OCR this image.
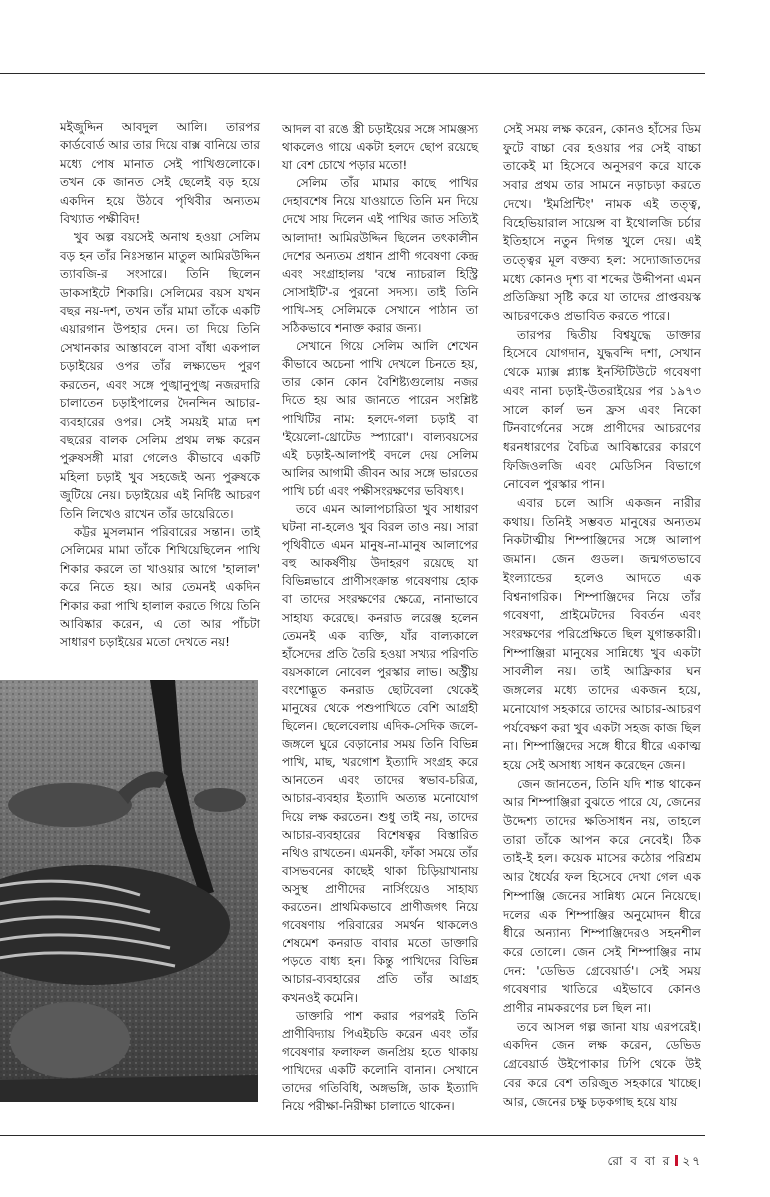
মইজুদ্দিন আবদুল আলি। তারপর কার্ডবোর্ড আর তার দিয়ে বাক্স বানিয়ে তার মধ্যে পোষ মানাত সেই পাখিগুলোকে। তখন কে জানত সেই ছেলেই বড় হয়ে একদিন হয়ে উঠবে পৃথিবীর অন্যতম বিখ্যাত পক্ষীবিদ!

খুব অল্প বয়সেই অনাথ হওয়া সেলিম বড় হন তাঁর নিঃসন্তান মাতুল আমিরউদ্দিন ত্যাবজি-র সংসারে। তিনি ছিলেন ডাকসাইটে শিকারি। সেলিমের বয়স যখন বছর নয়-দশ, তখন তাঁর মামা তাঁকে একটি এয়ারগান উপহার দেন। তা দিয়ে তিনি সেখানকার আস্তাবলে বাসা বাঁধা একপাল চড়াইয়ের ওপর তাঁর লক্ষ্যভেদ পুরণ করতেন, এবং সঙ্গে পুঙ্খানুপুঙ্খ নজরদারি চালাতেন চড়াইপালের দৈনন্দিন আচার-ব্যবহারের ওপর। সেই সময়ই মাত্র দশ বছরের বালক সেলিম প্রথম লক্ষ করেন পুরুষসঙ্গী মারা গেলেও কীভাবে একটি মহিলা চড়াই খুব সহজেই অন্য পুরুষকে জুটিয়ে নেয়। চড়াইয়ের এই নির্দিষ্ট আচরণ তিনি লিখেও রাখেন তাঁর ডায়েরিতে।

কট্টর মুসলমান পরিবারের সন্তান। তাই সেলিমের মামা তাঁকে শিখিয়েছিলেন পাখি শিকার করলে তা খাওয়ার আগে 'হালাল' করে নিতে হয়। আর তেমনই একদিন শিকার করা পাখি হালাল করতে গিয়ে তিনি আবিষ্কার করেন, এ তো আর পাঁচটা সাধারণ চড়াইয়ের মতো দেখতে নয়!

আদল বা রঙে স্ত্রী চড়াইয়ের সঙ্গে সামঞ্জস্য থাকলেও গায়ে একটা হলদে ছোপ রয়েছে যা বেশ চোখে পড়ার মতো!

সেলিম তাঁর মামার কাছে পাখির দেহাবশেষ নিয়ে যাওয়াতে তিনি মন দিয়ে দেখে সায় দিলেন এই পাখির জাত সত্যিই আলাদা! আমিরউদ্দিন ছিলেন তৎকালীন দেশের অন্যতম প্রধান প্রাণী গবেষণা কেন্দ্র এবং সংগ্রাহালয় 'বম্বে ন্যাচরাল হিস্ট্রি সোসাইটি'-র পুরনো সদস্য। তাই তিনি পাখি-সহ সেলিমকে সেখানে পাঠান তা সঠিকভাবে শনাক্ত করার জন্য।

সেখানে গিয়ে সেলিম আলি শেখেন কীভাবে অচেনা পাখি দেখলে চিনতে হয়, তার কোন কোন বৈশিষ্ট্যগুলোয় নজর দিতে হয় আর জানতে পারেন সংশ্লিষ্ট পাখিটির নাম: হলদে-গলা চড়াই বা 'ইয়েলো-থ্রোটেড স্প্যারো'। বাল্যবয়সের এই চড়াই-আলাপই বদলে দেয় সেলিম আলির আগামী জীবন আর সঙ্গে ভারতের পাখি চর্চা এবং পক্ষীসংরক্ষণের ভবিষ্যৎ।

তবে এমন আলাপচারিতা খুব সাধারণ ঘটনা না-হলেও খুব বিরল তাও নয়। সারা পৃথিবীতে এমন মানুষ-না-মানুষ আলাপের বহু আকর্ষণীয় উদাহরণ রয়েছে যা বিভিন্নভাবে প্রাণীসংক্রান্ত গবেষণায় হোক বা তাদের সংরক্ষণের ক্ষেত্রে, নানাভাবে সাহায্য করেছে। কনরাড লরেঞ্জ হলেন তেমনই এক ব্যক্তি, যাঁর বাল্যকালে হাঁসেদের প্রতি তৈরি হওয়া সখ্যর পরিণতি বয়সকালে নোবেল পুরস্কার লাভ। অস্ট্রীয় বংশোদ্ভূত কনরাড ছোটবেলা থেকেই মানুষের থেকে পশুপাখিতে বেশি আগ্রহী ছিলেন। ছেলেবেলায় এদিক-সেদিক জলে-জঙ্গলে ঘুরে বেড়ানোর সময় তিনি বিভিন্ন পাখি, মাছ, খরগোশ ইত্যাদি সংগ্রহ করে আনতেন এবং তাদের স্বভাব-চরিত্র, আচার-ব্যবহার ইত্যাদি অত্যন্ত মনোযোগ দিয়ে লক্ষ করতেন। শুধু তাই নয়, তাদের আচার-ব্যবহারের বিশেষত্বর বিস্তারিত নথিও রাখতেন। এমনকী, ফাঁকা সময়ে তাঁর বাসভবনের কাছেই থাকা চিড়িয়াখানায় অসুস্থ প্রাণীদের নার্সিংয়েও সাহায্য করতেন। প্রাথমিকভাবে প্রাণীজগৎ নিয়ে গবেষণায় পরিবারের সমর্থন থাকলেও শেষমেশ কনরাড বাবার মতো ডাক্তারি পড়তে বাধ্য হন। কিন্তু পাখিদের বিভিন্ন আচার-ব্যবহারের প্রতি তাঁর আগ্রহ কখনওই কমেনি।

ডাক্তারি পাশ করার পরপরই তিনি প্রাণীবিদ্যায় পিএইচডি করেন এবং তাঁর গবেষণার ফলাফল জনপ্রিয় হতে থাকায় পাখিদের একটি কলোনি বানান। সেখানে তাদের গতিবিধি, অঙ্গভঙ্গি, ডাক ইত্যাদি নিয়ে পরীক্ষা-নিরীক্ষা চালাতে থাকেন।

সেই সময় লক্ষ করেন, কোনও হাঁসের ডিম ফুটে বাচ্চা বের হওয়ার পর সেই বাচ্চা তাকেই মা হিসেবে অনুসরণ করে যাকে সবার প্রথম তার সামনে নড়াচড়া করতে দেখে। 'ইমপ্রিন্টিং' নামক এই তত্ত্ব, বিহেভিয়ারাল সায়েন্স বা ইথোলজি চর্চার ইতিহাসে নতুন দিগন্ত খুলে দেয়। এই তত্ত্বের মূল বক্তব্য হল: সদ্যোজাতদের মধ্যে কোনও দৃশ্য বা শব্দের উদ্দীপনা এমন প্রতিক্রিয়া সৃষ্টি করে যা তাদের প্রাপ্তবয়স্ক আচরণকেও প্রভাবিত করতে পারে।

তারপর দ্বিতীয় বিশ্বযুদ্ধে ডাক্তার হিসেবে যোগদান, যুদ্ধবন্দি দশা, সেখান থেকে ম্যাক্স প্ল্যাঙ্ক ইনস্টিটিউটে গবেষণা এবং নানা চড়াই-উতরাইয়ের পর ১৯৭৩ সালে কার্ল ভন ফ্রস এবং নিকো টিনবার্গেনের সঙ্গে প্রাণীদের আচরণের ধরনধারণের বৈচিত্র আবিষ্কারের কারণে ফিজিওলজি এবং মেডিসিন বিভাগে নোবেল পুরস্কার পান।

এবার চলে আসি একজন নারীর কথায়। তিনিই সম্ভবত মানুষের অন্যতম নিকটাত্মীয় শিম্পাঞ্জিদের সঙ্গে আলাপ জমান। জেন গুডল। জন্মগতভাবে ইংল্যান্ডের হলেও আদতে এক বিশ্বনাগরিক। শিম্পাঞ্জিদের নিয়ে তাঁর গবেষণা, প্রাইমেটদের বিবর্তন এবং সংরক্ষণের পরিপ্রেক্ষিতে ছিল যুগান্তকারী। শিম্পাঞ্জিরা মানুষের সান্নিধ্যে খুব একটা সাবলীল নয়। তাই আফ্রিকার ঘন জঙ্গলের মধ্যে তাদের একজন হয়ে, মনোযোগ সহকারে তাদের আচার-আচরণ পর্যবেক্ষণ করা খুব একটা সহজ কাজ ছিল না। শিম্পাঞ্জিদের সঙ্গে ধীরে ধীরে একাত্ম হয়ে সেই অসাধ্য সাধন করেছেন জেন।

জেন জানতেন, তিনি যদি শান্ত থাকেন আর শিম্পাঞ্জিরা বুঝতে পারে যে, জেনের উদ্দেশ্য তাদের ক্ষতিসাধন নয়, তাহলে তারা তাঁকে আপন করে নেবেই। ঠিক তাই-ই হল। কয়েক মাসের কঠোর পরিশ্রম আর ধৈর্যের ফল হিসেবে দেখা গেল এক শিম্পাঞ্জি জেনের সান্নিধ্য মেনে নিয়েছে। দলের এক শিম্পাঞ্জির অনুমোদন ধীরে ধীরে অন্যান্য শিম্পাঞ্জিদেরও সহনশীল করে তোলে। জেন সেই শিম্পাঞ্জির নাম দেন: 'ডেভিড গ্রেবেয়ার্ড'। সেই সময় গবেষণার খাতিরে এইভাবে কোনও প্রাণীর নামকরণের চল ছিল না।

তবে আসল গল্প জানা যায় এরপরেই। একদিন জেন লক্ষ করেন, ডেভিড গ্রেবেয়ার্ড উইপোকার ঢিপি থেকে উই বের করে বেশ তরিজুত সহকারে খাচ্ছে। আর, জেনের চক্ষু চড়কগাছ হয়ে যায়

রো ব বা র ২৭
